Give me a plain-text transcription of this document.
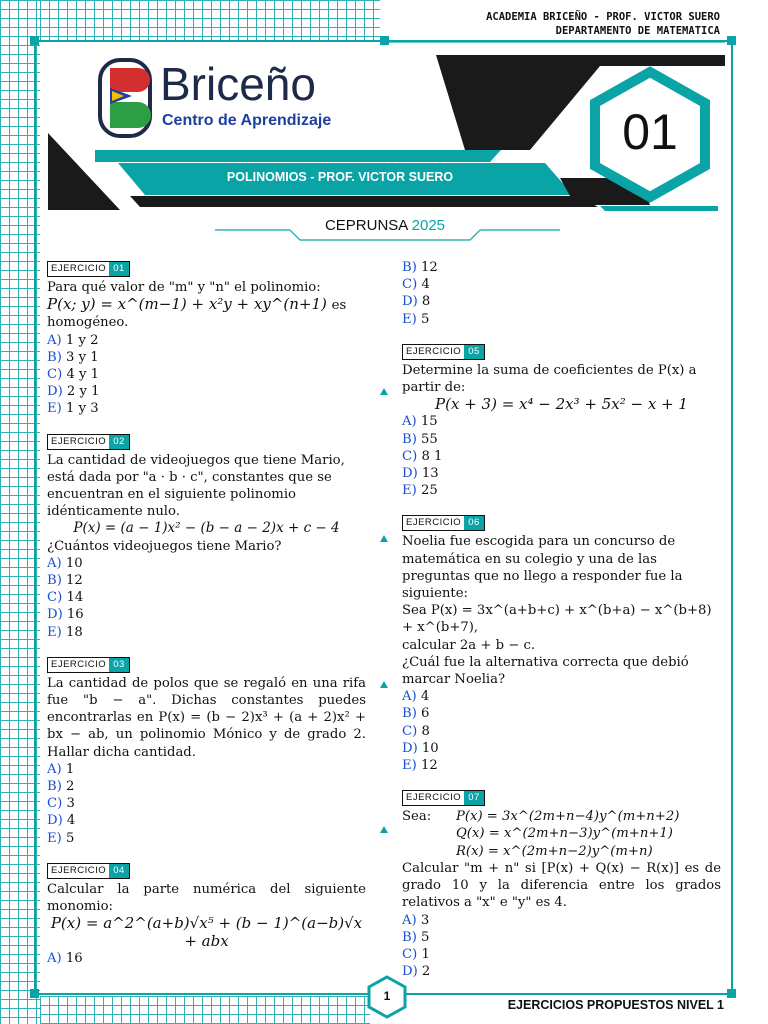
ACADEMIA BRICEÑO - PROF. VICTOR SUERO
DEPARTAMENTO DE MATEMATICA
Briceño
Centro de Aprendizaje
POLINOMIOS - PROF. VICTOR SUERO
01
CEPRUNSA 2025
EJERCICIO 01

Para qué valor de "m" y "n" el polinomio:

P(x; y) = x^(m−1) + x²y + xy^(n+1) es

homogéneo.

A) 1 y 2
B) 3 y 1
C) 4 y 1
D) 2 y 1
E) 1 y 3
EJERCICIO 02

La cantidad de videojuegos que tiene Mario, está dada por "a · b · c", constantes que se encuentran en el siguiente polinomio idénticamente nulo.

P(x) = (a − 1)x² − (b − a − 2)x + c − 4

¿Cuántos videojuegos tiene Mario?

A) 10
B) 12
C) 14
D) 16
E) 18
EJERCICIO 03

La cantidad de polos que se regaló en una rifa fue "b − a". Dichas constantes puedes encontrarlas en P(x) = (b − 2)x³ + (a + 2)x² + bx − ab, un polinomio Mónico y de grado 2. Hallar dicha cantidad.

A) 1
B) 2
C) 3
D) 4
E) 5
EJERCICIO 04

Calcular la parte numérica del siguiente monomio:

P(x) = a^2^(a+b)√x⁵ + (b − 1)^(a−b)√x + abx

A) 16
B) 12
C) 4
D) 8
E) 5
EJERCICIO 05

Determine la suma de coeficientes de P(x) a partir de:

P(x + 3) = x⁴ − 2x³ + 5x² − x + 1

A) 15
B) 55
C) 8 1
D) 13
E) 25
EJERCICIO 06

Noelia fue escogida para un concurso de matemática en su colegio y una de las preguntas que no llego a responder fue la siguiente:

Sea P(x) = 3x^(a+b+c) + x^(b+a) − x^(b+8) + x^(b+7),

calcular 2a + b − c.

¿Cuál fue la alternativa correcta que debió marcar Noelia?

A) 4
B) 6
C) 8
D) 10
E) 12
EJERCICIO 07
Sea:	P(x) = 3x^(2m+n−4)y^(m+n+2)
Q(x) = x^(2m+n−3)y^(m+n+1)
R(x) = x^(2m+n−2)y^(m+n)

Calcular "m + n" si [P(x) + Q(x) − R(x)] es de grado 10 y la diferencia entre los grados relativos a "x" e "y" es 4.

A) 3
B) 5
C) 1
D) 2
1
EJERCICIOS PROPUESTOS NIVEL 1
